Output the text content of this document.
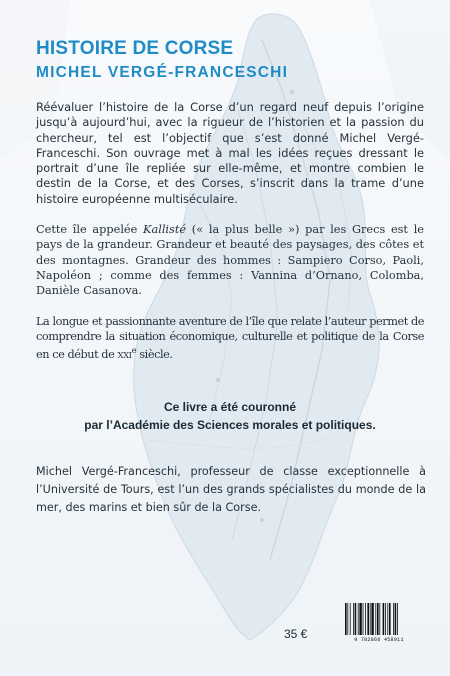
HISTOIRE DE CORSE
MICHEL VERGÉ-FRANCESCHI

Réévaluer l’histoire de la Corse d’un regard neuf depuis l’origine jusqu’à aujourd’hui, avec la rigueur de l’historien et la passion du chercheur, tel est l’objectif que s’est donné Michel Vergé-Franceschi. Son ouvrage met à mal les idées reçues dressant le portrait d’une île repliée sur elle-même, et montre combien le destin de la Corse, et des Corses, s’inscrit dans la trame d’une histoire européenne multiséculaire.

Cette île appelée Kallisté (« la plus belle ») par les Grecs est le pays de la grandeur. Grandeur et beauté des paysages, des côtes et des montagnes. Grandeur des hommes : Sampiero Corso, Paoli, Napoléon ; comme des femmes : Vannina d’Ornano, Colomba, Danièle Casanova.

La longue et passionnante aventure de l’île que relate l’auteur permet de comprendre la situation économique, culturelle et politique de la Corse en ce début de XXIe siècle.

Ce livre a été couronné
par l’Académie des Sciences morales et politiques.

Michel Vergé-Franceschi, professeur de classe exceptionnelle à l’Université de Tours, est l’un des grands spécialistes du monde de la mer, des marins et bien sûr de la Corse.

35 €	9 782866 458911
